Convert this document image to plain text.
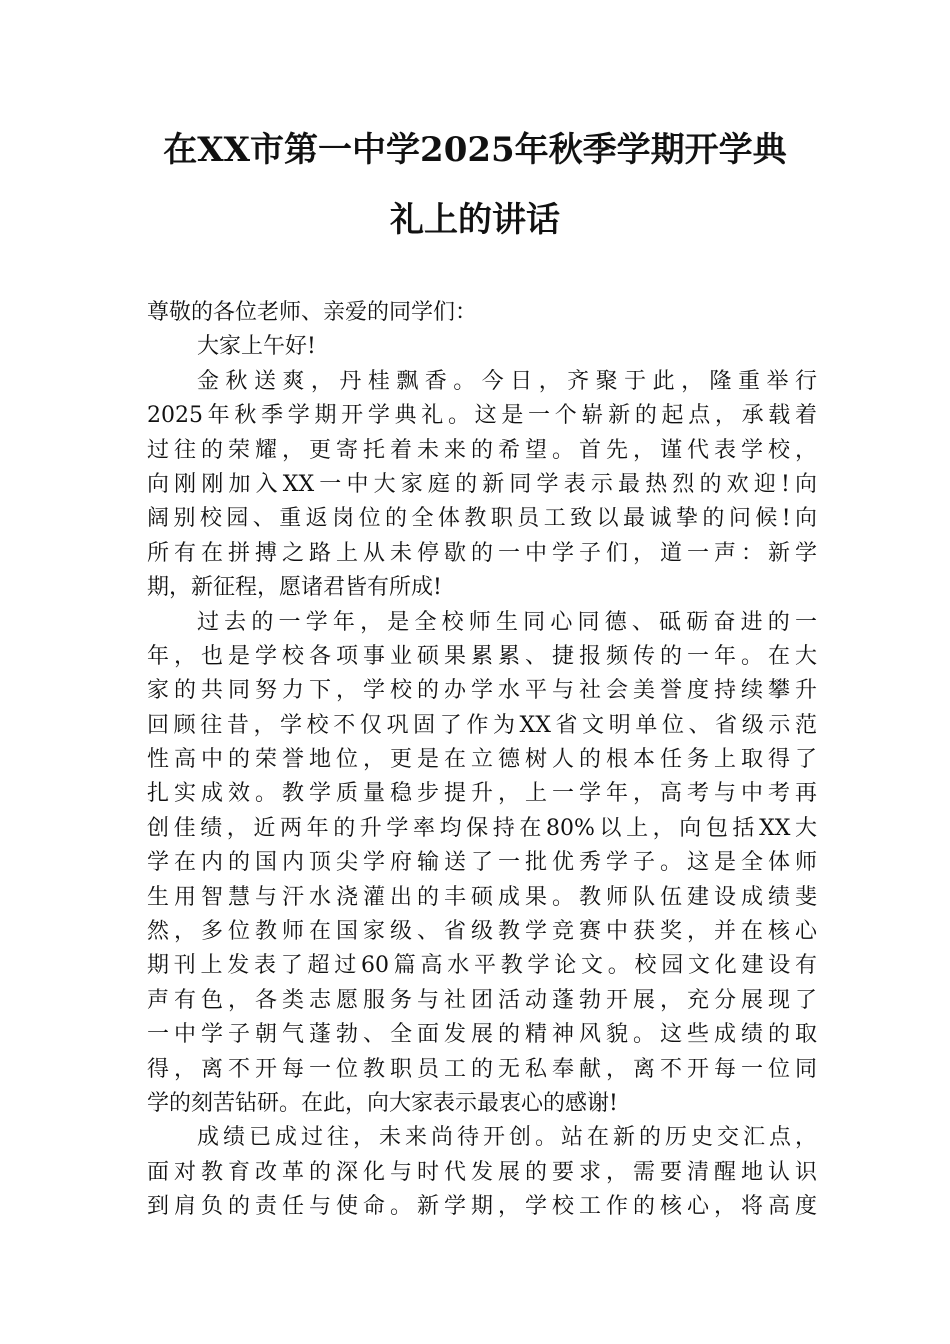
在XX市第一中学2025年秋季学期开学典
礼上的讲话
尊敬的各位老师、亲爱的同学们：
大家上午好!
金秋送爽，丹桂飘香。今日，齐聚于此，隆重举行
2025年秋季学期开学典礼。这是一个崭新的起点，承载着
过往的荣耀，更寄托着未来的希望。首先，谨代表学校，
向刚刚加入XX一中大家庭的新同学表示最热烈的欢迎!向
阔别校园、重返岗位的全体教职员工致以最诚挚的问候!向
所有在拼搏之路上从未停歇的一中学子们，道一声：新学
期，新征程，愿诸君皆有所成!
过去的一学年，是全校师生同心同德、砥砺奋进的一
年，也是学校各项事业硕果累累、捷报频传的一年。在大
家的共同努力下，学校的办学水平与社会美誉度持续攀升
回顾往昔，学校不仅巩固了作为XX省文明单位、省级示范
性高中的荣誉地位，更是在立德树人的根本任务上取得了
扎实成效。教学质量稳步提升，上一学年，高考与中考再
创佳绩，近两年的升学率均保持在80%以上，向包括XX大
学在内的国内顶尖学府输送了一批优秀学子。这是全体师
生用智慧与汗水浇灌出的丰硕成果。教师队伍建设成绩斐
然，多位教师在国家级、省级教学竞赛中获奖，并在核心
期刊上发表了超过60篇高水平教学论文。校园文化建设有
声有色，各类志愿服务与社团活动蓬勃开展，充分展现了
一中学子朝气蓬勃、全面发展的精神风貌。这些成绩的取
得，离不开每一位教职员工的无私奉献，离不开每一位同
学的刻苦钻研。在此，向大家表示最衷心的感谢!
成绩已成过往，未来尚待开创。站在新的历史交汇点，
面对教育改革的深化与时代发展的要求，需要清醒地认识
到肩负的责任与使命。新学期，学校工作的核心，将高度
